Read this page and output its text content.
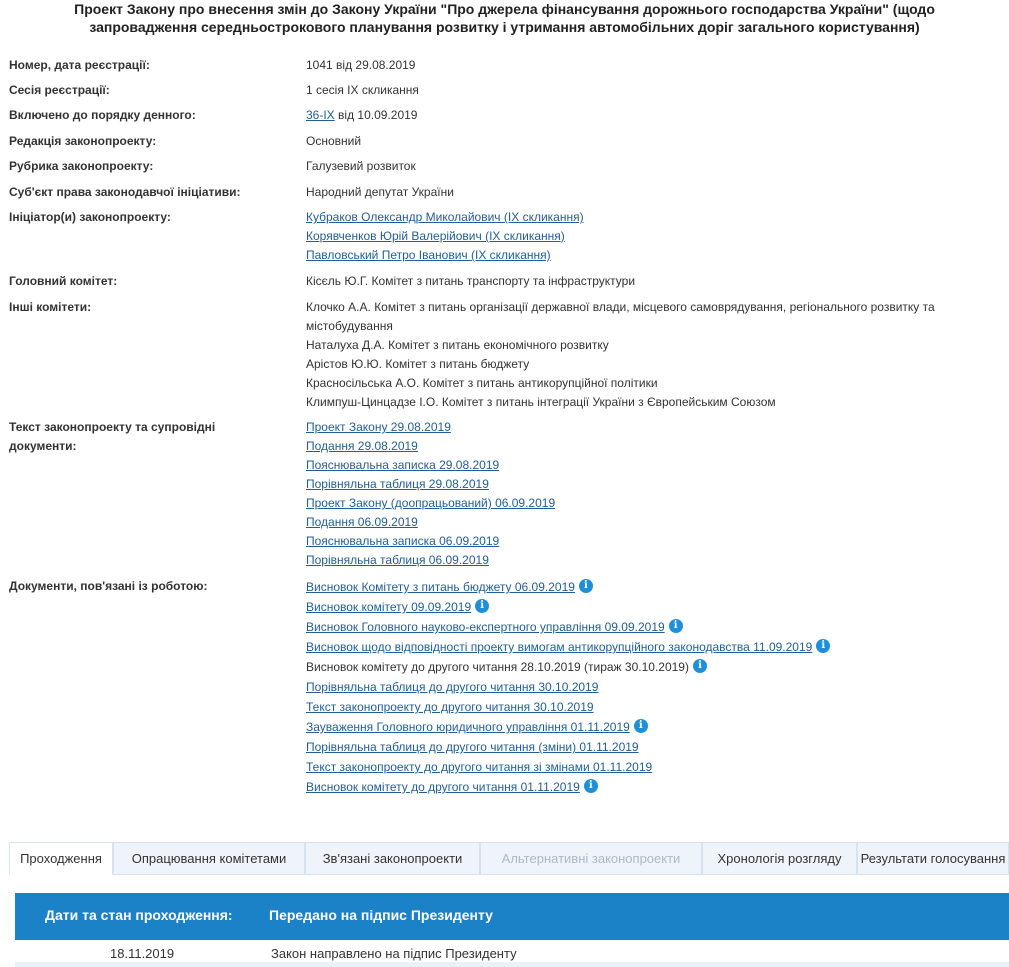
Проект Закону про внесення змін до Закону України "Про джерела фінансування дорожнього господарства України" (щодо
запровадження середньострокового планування розвитку і утримання автомобільних доріг загального користування)
Номер, дата реєстрації:	1041 від 29.08.2019
Сесія реєстрації:	1 сесія IX скликання
Включено до порядку денного:	36-IX від 10.09.2019
Редакція законопроекту:	Основний
Рубрика законопроекту:	Галузевий розвиток
Суб'єкт права законодавчої ініціативи:	Народний депутат України
Ініціатор(и) законопроекту:	Кубраков Олександр Миколайович (IX скликання)
Корявченков Юрій Валерійович (IX скликання)
Павловський Петро Іванович (IX скликання)
Головний комітет:	Кісєль Ю.Г. Комітет з питань транспорту та інфраструктури
Інші комітети:	Клочко А.А. Комітет з питань організації державної влади, місцевого самоврядування, регіонального розвитку та містобудування
Наталуха Д.А. Комітет з питань економічного розвитку
Арістов Ю.Ю. Комітет з питань бюджету
Красносільська А.О. Комітет з питань антикорупційної політики
Климпуш-Цинцадзе І.О. Комітет з питань інтеграції України з Європейським Союзом
Текст законопроекту та супровідні
документи:
Проект Закону 29.08.2019
Подання 29.08.2019
Пояснювальна записка 29.08.2019
Порівняльна таблиця 29.08.2019
Проект Закону (доопрацьований) 06.09.2019
Подання 06.09.2019
Пояснювальна записка 06.09.2019
Порівняльна таблиця 06.09.2019
Документи, пов'язані із роботою:	Висновок Комітету з питань бюджету 06.09.2019 i
Висновок комітету 09.09.2019 i
Висновок Головного науково-експертного управління 09.09.2019 i
Висновок щодо відповідності проекту вимогам антикорупційного законодавства 11.09.2019 i
Висновок комітету до другого читання 28.10.2019 (тираж 30.10.2019) i
Порівняльна таблиця до другого читання 30.10.2019
Текст законопроекту до другого читання 30.10.2019
Зауваження Головного юридичного управління 01.11.2019 i
Порівняльна таблиця до другого читання (зміни) 01.11.2019
Текст законопроекту до другого читання зі змінами 01.11.2019
Висновок комітету до другого читання 01.11.2019 i
Проходження	Опрацювання комітетами	Зв'язані законопроекти	Альтернативні законопроекти	Хронологія розгляду	Результати голосування
Дати та стан проходження:	Передано на підпис Президенту
18.11.2019	Закон направлено на підпис Президенту
